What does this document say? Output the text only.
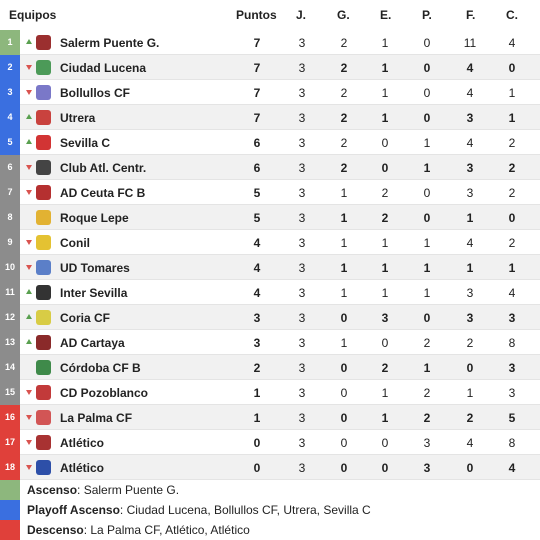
Equipos	Puntos J.	G.	E.	P.	F.	C.
1	Salerm Puente G.	7	3	2	1	0	11	4
2	Ciudad Lucena	7	3	2	1	0	4	0
3	Bollullos CF	7	3	2	1	0	4	1
4	Utrera	7	3	2	1	0	3	1
5	Sevilla C	6	3	2	0	1	4	2
6	Club Atl. Centr.	6	3	2	0	1	3	2
7	AD Ceuta FC B	5	3	1	2	0	3	2
8	Roque Lepe	5	3	1	2	0	1	0
9	Conil	4	3	1	1	1	4	2
10	UD Tomares	4	3	1	1	1	1	1
11	Inter Sevilla	4	3	1	1	1	3	4
12	Coria CF	3	3	0	3	0	3	3
13	AD Cartaya	3	3	1	0	2	2	8
14	Córdoba CF B	2	3	0	2	1	0	3
15	CD Pozoblanco	1	3	0	1	2	1	3
16	La Palma CF	1	3	0	1	2	2	5
17	Atlético	0	3	0	0	3	4	8
18	Atlético	0	3	0	0	3	0	4
Ascenso: Salerm Puente G.
Playoff Ascenso: Ciudad Lucena, Bollullos CF, Utrera, Sevilla C
Descenso: La Palma CF, Atlético, Atlético
